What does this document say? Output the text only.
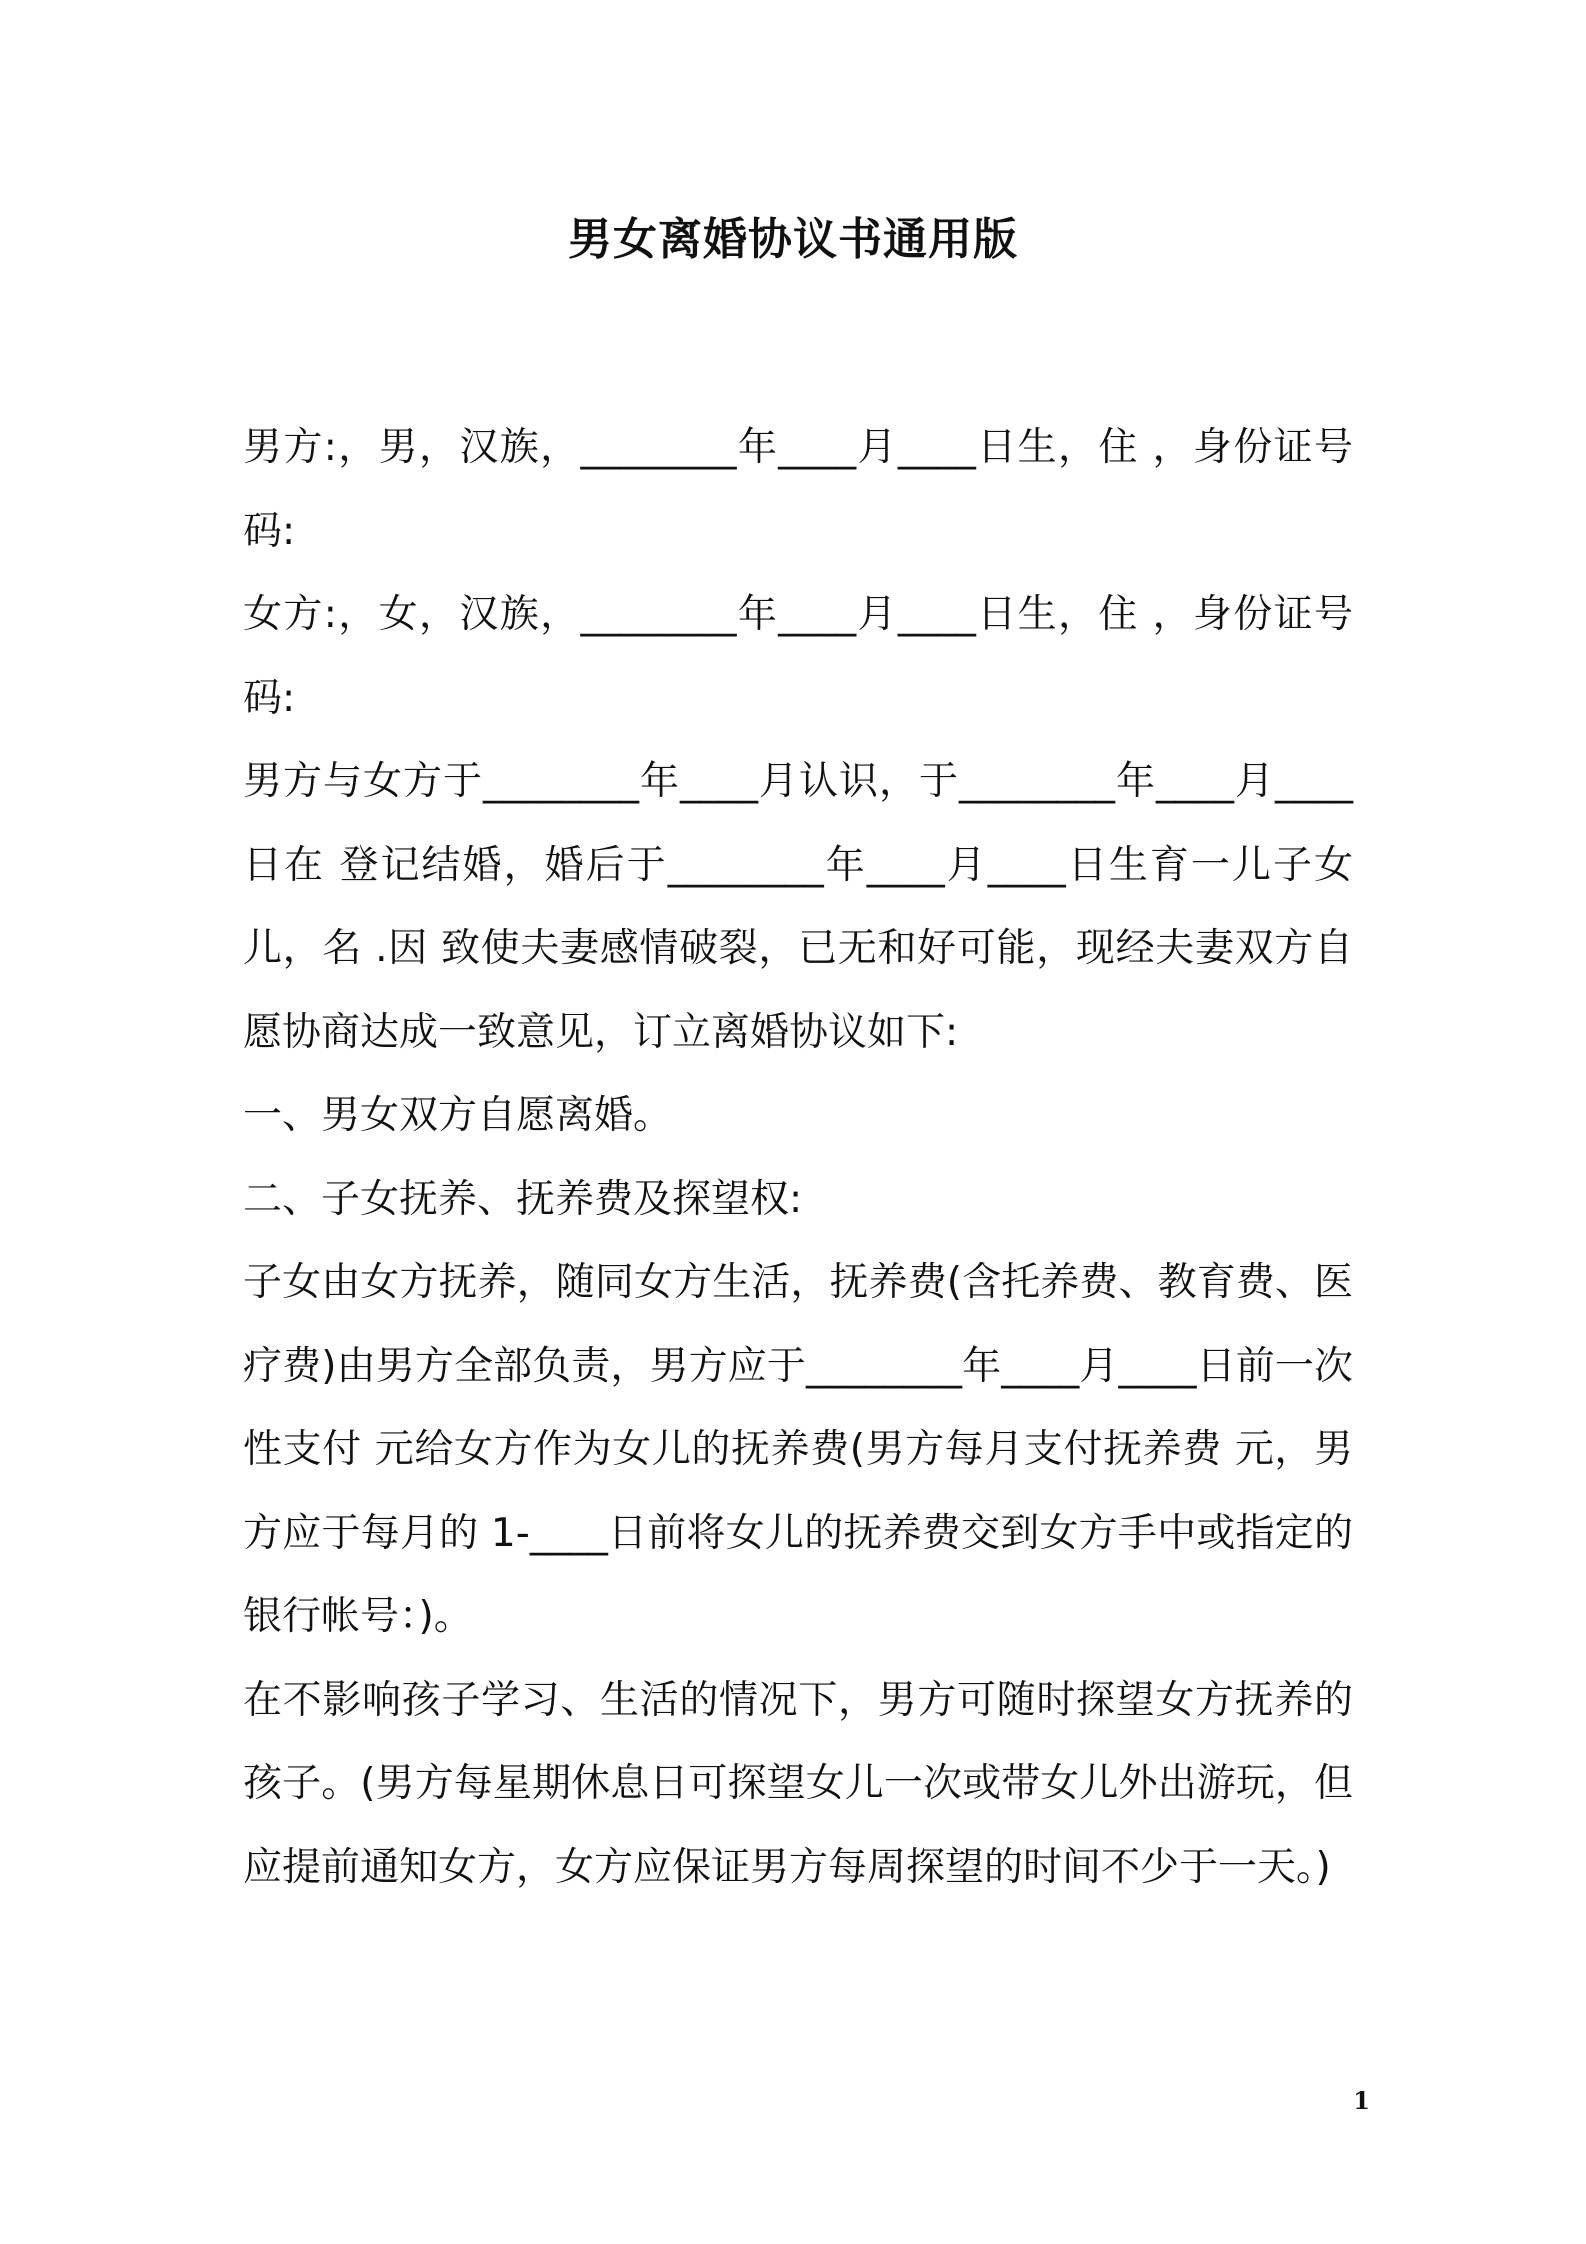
男女离婚协议书通用版

男方:，男，汉族，________年____月____日生，住 ，身份证号码:

女方:，女，汉族，________年____月____日生，住 ，身份证号码:

男方与女方于________年____月认识，于________年____月____日在 登记结婚，婚后于________年____月____日生育一儿子女儿，名 .因 致使夫妻感情破裂，已无和好可能，现经夫妻双方自愿协商达成一致意见，订立离婚协议如下:

一、男女双方自愿离婚。

二、子女抚养、抚养费及探望权:

子女由女方抚养，随同女方生活，抚养费(含托养费、教育费、医疗费)由男方全部负责，男方应于________年____月____日前一次性支付 元给女方作为女儿的抚养费(男方每月支付抚养费 元，男方应于每月的 1-____日前将女儿的抚养费交到女方手中或指定的银行帐号：)。

在不影响孩子学习、生活的情况下，男方可随时探望女方抚养的孩子。(男方每星期休息日可探望女儿一次或带女儿外出游玩，但应提前通知女方，女方应保证男方每周探望的时间不少于一天。)

1
